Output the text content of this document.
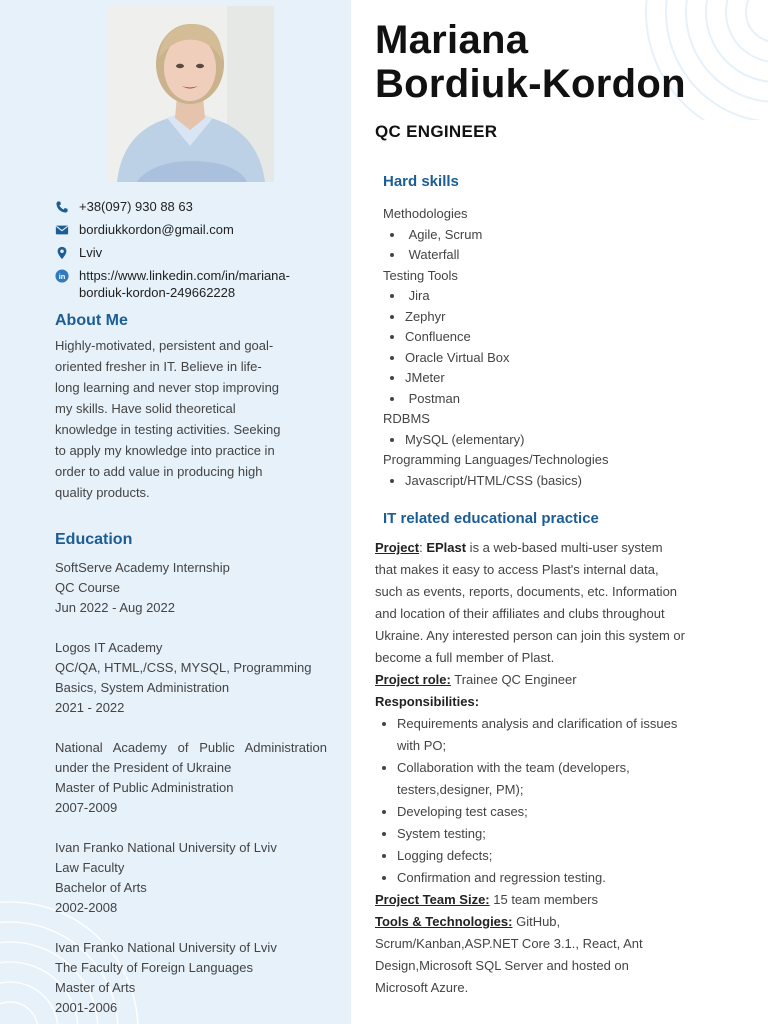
+38(097) 930 88 63
bordiukkordon@gmail.com
Lviv
in https://www.linkedin.com/in/mariana-bordiuk-kordon-249662228
About Me
Highly-motivated, persistent and goal-oriented fresher in IT. Believe in life-long learning and never stop improving my skills. Have solid theoretical knowledge in testing activities. Seeking to apply my knowledge into practice in order to add value in producing high quality products.
Education
SoftServe Academy Internship
QC Course
Jun 2022 - Aug 2022
Logos IT Academy
QC/QA, HTML,/CSS, MYSQL, Programming
Basics, System Administration
2021 - 2022
National Academy of Public Administration
under the President of Ukraine
Master of Public Administration
2007-2009
Ivan Franko National University of Lviv
Law Faculty
Bachelor of Arts
2002-2008
Ivan Franko National University of Lviv
The Faculty of Foreign Languages
Master of Arts
2001-2006
Mariana
Bordiuk-Kordon
QC ENGINEER
Hard skills
Methodologies
• Agile, Scrum
• Waterfall
Testing Tools
• Jira
• Zephyr
• Confluence
• Oracle Virtual Box
• JMeter
• Postman
RDBMS
• MySQL (elementary)
Programming Languages/Technologies
• Javascript/HTML/CSS (basics)
IT related educational practice

Project: EPlast is a web-based multi-user system that makes it easy to access Plast's internal data, such as events, reports, documents, etc. Information and location of their affiliates and clubs throughout Ukraine. Any interested person can join this system or become a full member of Plast.

Project role: Trainee QC Engineer

Responsibilities:

• Requirements analysis and clarification of issues with PO;
• Collaboration with the team (developers, testers,designer, PM);
• Developing test cases;
• System testing;
• Logging defects;
• Confirmation and regression testing.

Project Team Size: 15 team members

Tools & Technologies: GitHub, Scrum/Kanban,ASP.NET Core 3.1., React, Ant Design,Microsoft SQL Server and hosted on Microsoft Azure.
